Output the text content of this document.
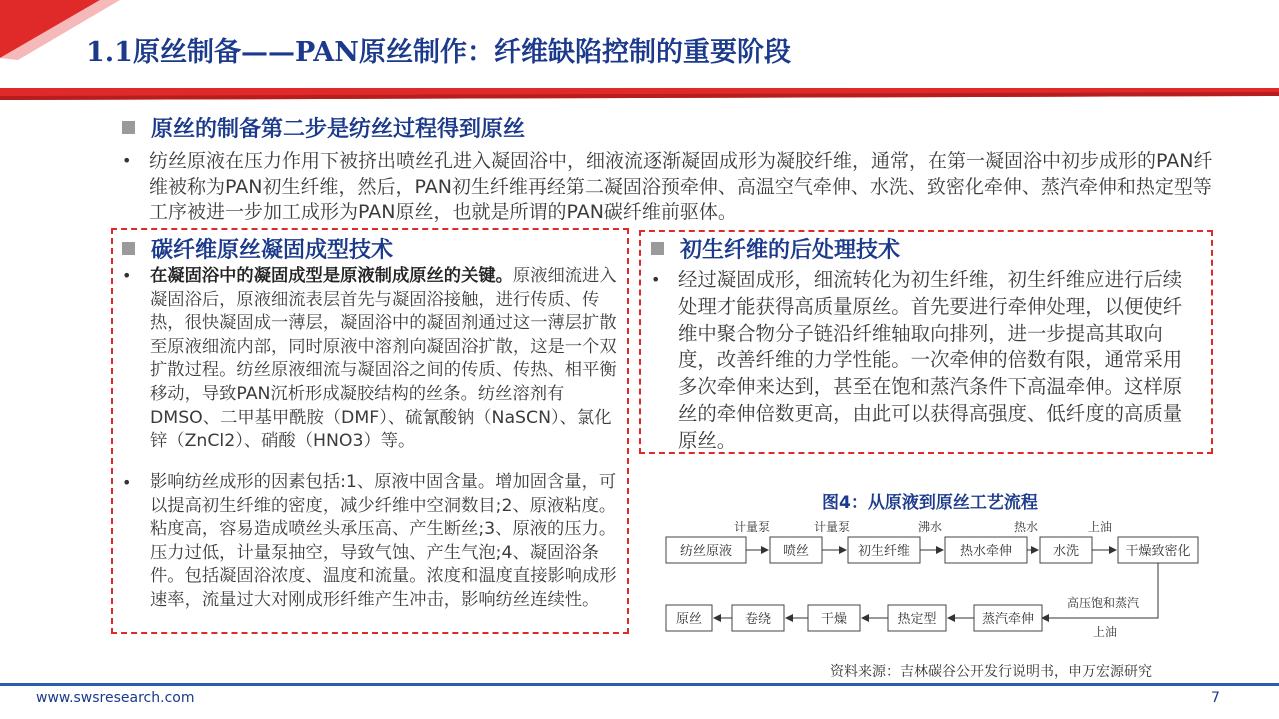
1.1原丝制备——PAN原丝制作：纤维缺陷控制的重要阶段
原丝的制备第二步是纺丝过程得到原丝
• 纺丝原液在压力作用下被挤出喷丝孔进入凝固浴中，细液流逐渐凝固成形为凝胶纤维，通常，在第一凝固浴中初步成形的PAN纤维被称为PAN初生纤维，然后，PAN初生纤维再经第二凝固浴预牵伸、高温空气牵伸、水洗、致密化牵伸、蒸汽牵伸和热定型等工序被进一步加工成形为PAN原丝，也就是所谓的PAN碳纤维前驱体。
碳纤维原丝凝固成型技术
• 在凝固浴中的凝固成型是原液制成原丝的关键。原液细流进入凝固浴后，原液细流表层首先与凝固浴接触，进行传质、传热，很快凝固成一薄层，凝固浴中的凝固剂通过这一薄层扩散至原液细流内部，同时原液中溶剂向凝固浴扩散，这是一个双扩散过程。纺丝原液细流与凝固浴之间的传质、传热、相平衡移动，导致PAN沉析形成凝胶结构的丝条。纺丝溶剂有DMSO、二甲基甲酰胺（DMF）、硫氰酸钠（NaSCN）、氯化锌（ZnCl2）、硝酸（HNO3）等。
• 影响纺丝成形的因素包括:1、原液中固含量。增加固含量，可以提高初生纤维的密度，减少纤维中空洞数目;2、原液粘度。粘度高，容易造成喷丝头承压高、产生断丝;3、原液的压力。压力过低，计量泵抽空，导致气蚀、产生气泡;4、凝固浴条件。包括凝固浴浓度、温度和流量。浓度和温度直接影响成形速率，流量过大对刚成形纤维产生冲击，影响纺丝连续性。
初生纤维的后处理技术
• 经过凝固成形，细流转化为初生纤维，初生纤维应进行后续处理才能获得高质量原丝。首先要进行牵伸处理，以便使纤维中聚合物分子链沿纤维轴取向排列，进一步提高其取向度，改善纤维的力学性能。一次牵伸的倍数有限，通常采用多次牵伸来达到，甚至在饱和蒸汽条件下高温牵伸。这样原丝的牵伸倍数更高，由此可以获得高强度、低纤度的高质量原丝。
图4：从原液到原丝工艺流程
纺丝原液	喷丝	初生纤维	热水牵伸	水洗	干燥致密化
计量泵	计量泵	沸水	热水	上油
高压饱和蒸汽
上油
原丝	卷绕	干燥	热定型	蒸汽牵伸
资料来源：吉林碳谷公开发行说明书，申万宏源研究
www.swsresearch.com	7
